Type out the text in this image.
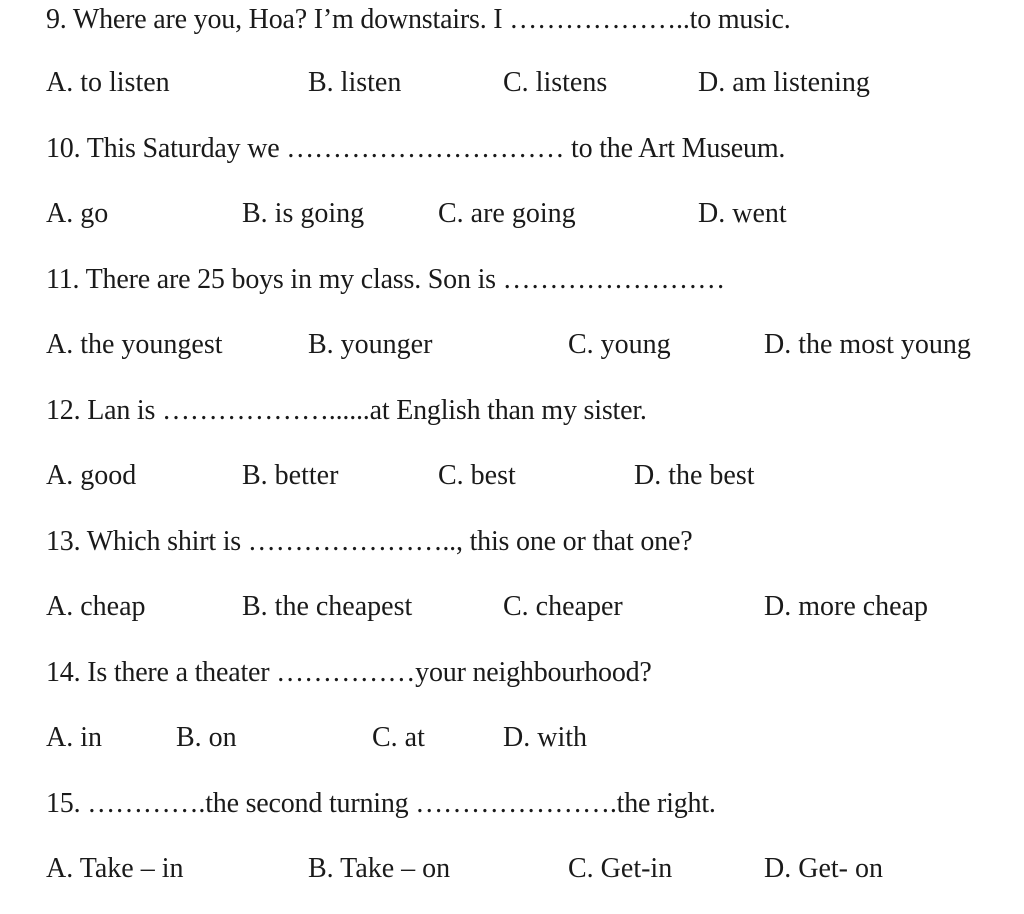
9. Where are you, Hoa? I’m downstairs. I ………………..to music.
A. to listen	B. listen	C. listens	D. am listening
10. This Saturday we ………………………… to the Art Museum.
A. go	B. is going	C. are going	D. went
11. There are 25 boys in my class. Son is ……………………
A. the youngest	B. younger	C. young	D. the most young
12. Lan is ………………......at English than my sister.
A. good	B. better	C. best	D. the best
13. Which shirt is ………………….., this one or that one?
A. cheap	B. the cheapest	C. cheaper	D. more cheap
14. Is there a theater ……………your neighbourhood?
A. in	B. on	C. at	D. with
15. ………….the second turning ………………….the right.
A. Take – in	B. Take – on	C. Get-in	D. Get- on
